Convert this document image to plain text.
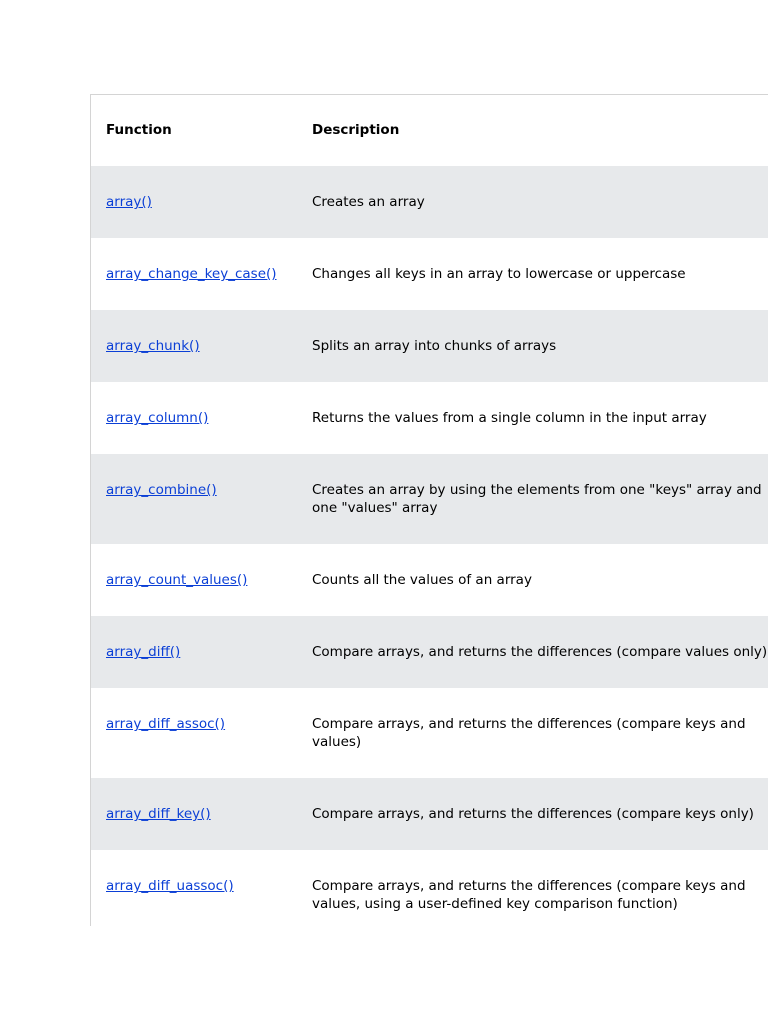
Function	Description
array()	Creates an array

array_change_key_case()	Changes all keys in an array to lowercase or uppercase

array_chunk()	Splits an array into chunks of arrays

array_column()	Returns the values from a single column in the input array

array_combine()	Creates an array by using the elements from one "keys" array and one "values" array

array_count_values()	Counts all the values of an array

array_diff()	Compare arrays, and returns the differences (compare values only)

array_diff_assoc()	Compare arrays, and returns the differences (compare keys and values)

array_diff_key()	Compare arrays, and returns the differences (compare keys only)

array_diff_uassoc()	Compare arrays, and returns the differences (compare keys and values, using a user-defined key comparison function)
